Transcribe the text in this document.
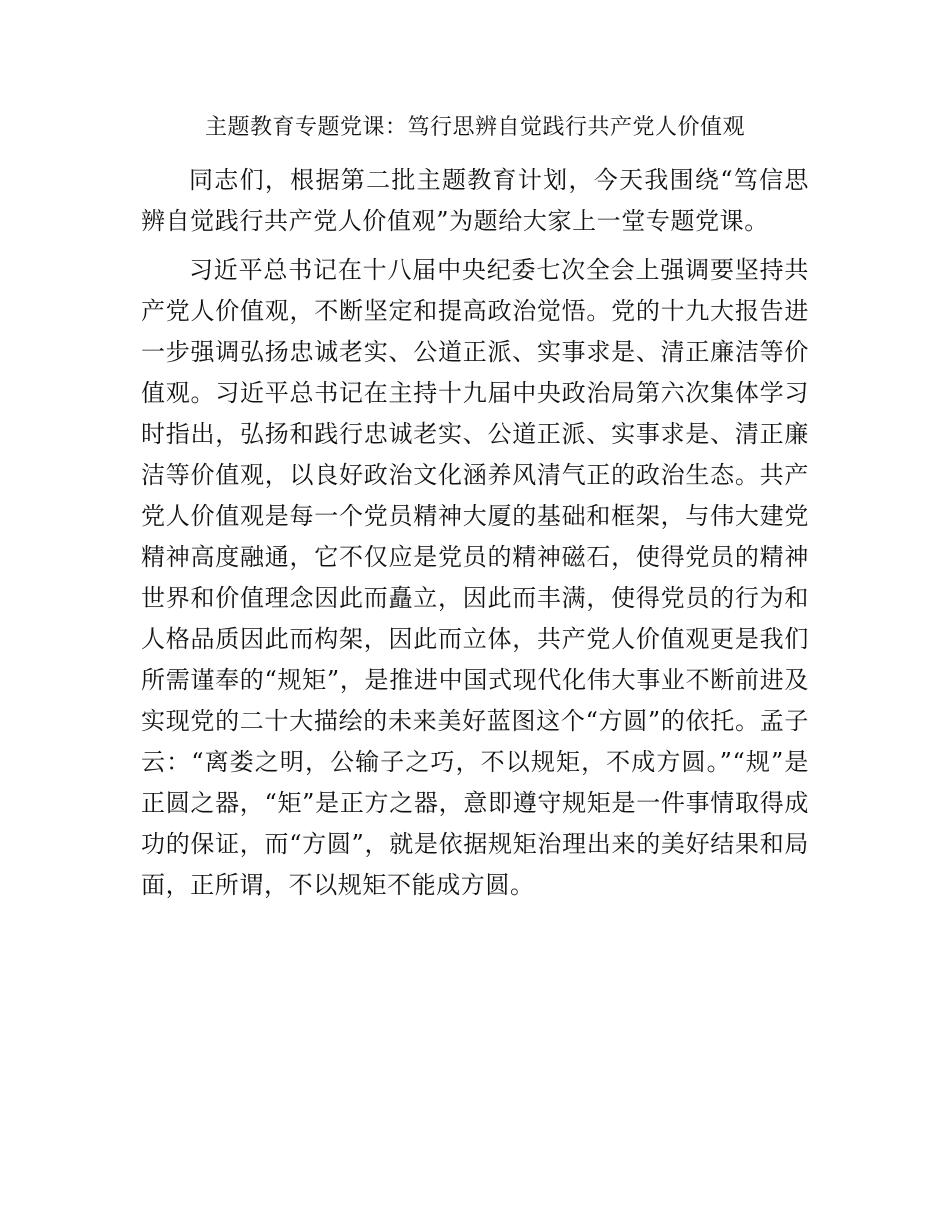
主题教育专题党课：笃行思辨自觉践行共产党人价值观

同志们，根据第二批主题教育计划，今天我围绕“笃信思辨自觉践行共产党人价值观”为题给大家上一堂专题党课。

习近平总书记在十八届中央纪委七次全会上强调要坚持共产党人价值观，不断坚定和提高政治觉悟。党的十九大报告进一步强调弘扬忠诚老实、公道正派、实事求是、清正廉洁等价值观。习近平总书记在主持十九届中央政治局第六次集体学习时指出，弘扬和践行忠诚老实、公道正派、实事求是、清正廉洁等价值观，以良好政治文化涵养风清气正的政治生态。共产党人价值观是每一个党员精神大厦的基础和框架，与伟大建党精神高度融通，它不仅应是党员的精神磁石，使得党员的精神世界和价值理念因此而矗立，因此而丰满，使得党员的行为和人格品质因此而构架，因此而立体，共产党人价值观更是我们所需谨奉的“规矩”，是推进中国式现代化伟大事业不断前进及实现党的二十大描绘的未来美好蓝图这个“方圆”的依托。孟子云：“离娄之明，公输子之巧，不以规矩，不成方圆。”“规”是正圆之器，“矩”是正方之器，意即遵守规矩是一件事情取得成功的保证，而“方圆”，就是依据规矩治理出来的美好结果和局面，正所谓，不以规矩不能成方圆。
